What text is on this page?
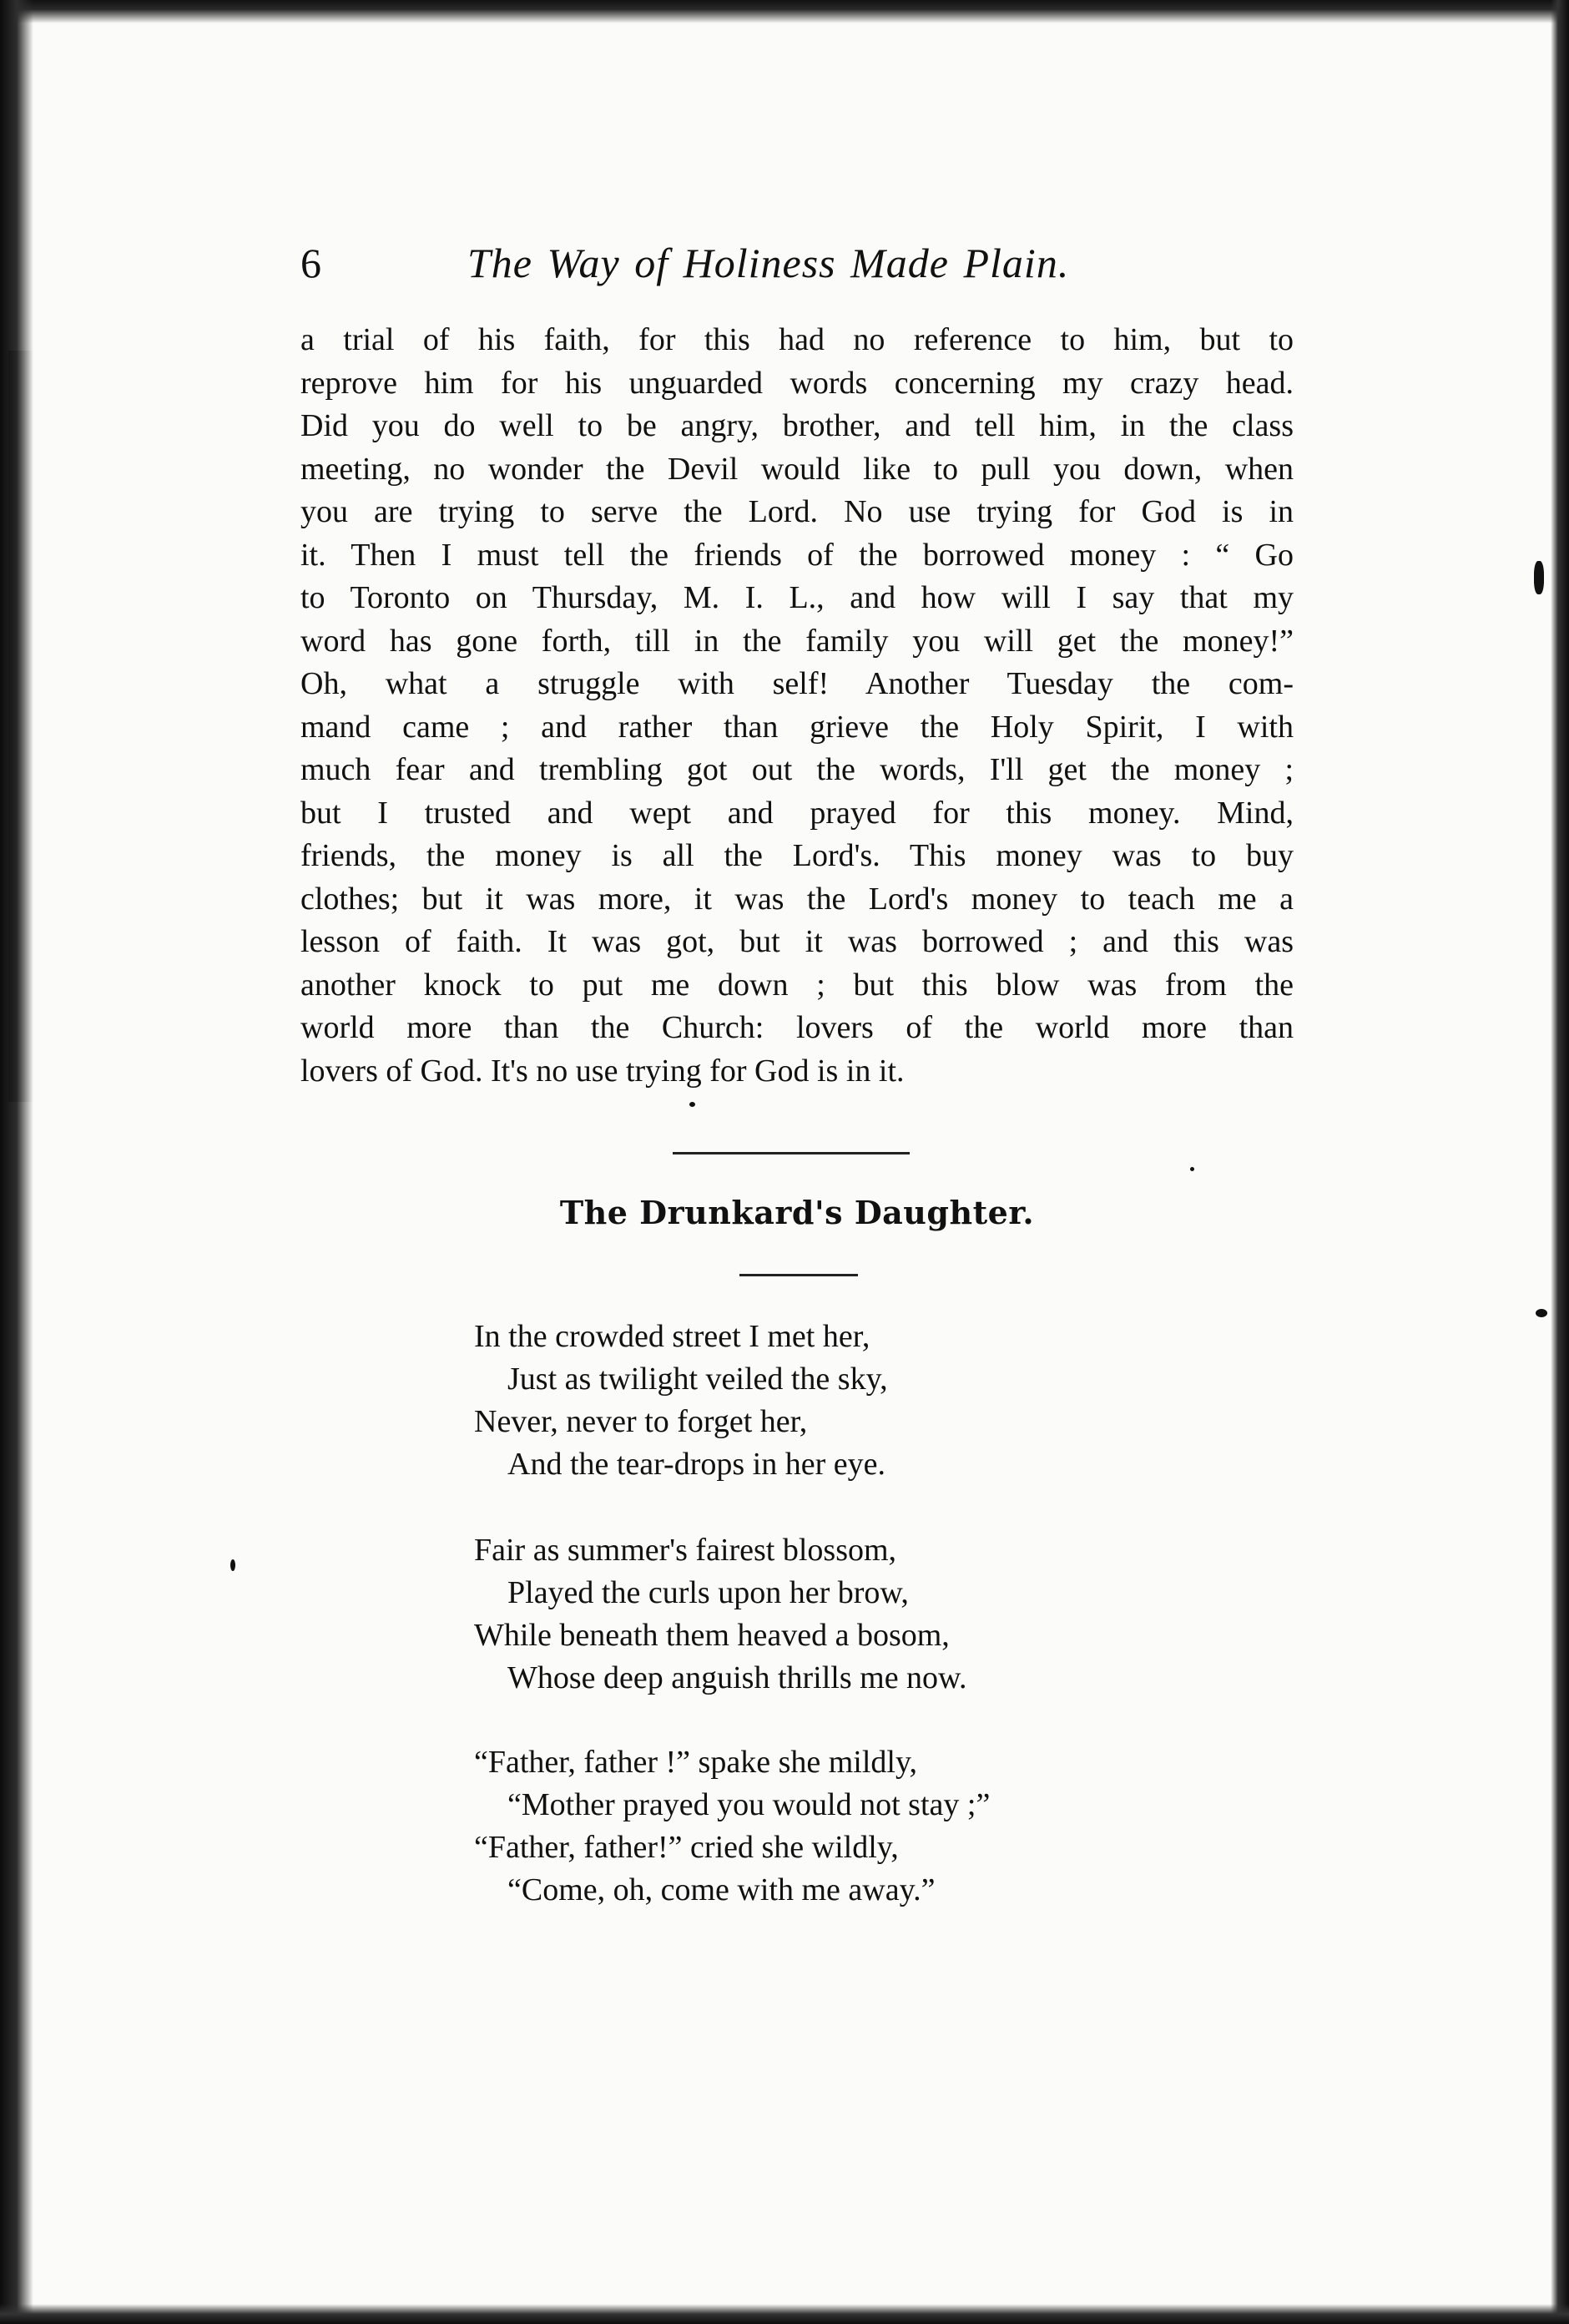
6	The Way of Holiness Made Plain.
a trial of his faith, for this had no reference to him, but to
reprove him for his unguarded words concerning my crazy head.
Did you do well to be angry, brother, and tell him, in the class
meeting, no wonder the Devil would like to pull you down, when
you are trying to serve the Lord. No use trying for God is in
it. Then I must tell the friends of the borrowed money : “ Go
to Toronto on Thursday, M. I. L., and how will I say that my
word has gone forth, till in the family you will get the money!”
Oh, what a struggle with self! Another Tuesday the com-
mand came ; and rather than grieve the Holy Spirit, I with
much fear and trembling got out the words, I'll get the money ;
but I trusted and wept and prayed for this money. Mind,
friends, the money is all the Lord's. This money was to buy
clothes; but it was more, it was the Lord's money to teach me a
lesson of faith. It was got, but it was borrowed ; and this was
another knock to put me down ; but this blow was from the
world more than the Church: lovers of the world more than
lovers of God. It's no use trying for God is in it.
The Drunkard's Daughter.
In the crowded street I met her,
Just as twilight veiled the sky,
Never, never to forget her,
And the tear-drops in her eye.
Fair as summer's fairest blossom,
Played the curls upon her brow,
While beneath them heaved a bosom,
Whose deep anguish thrills me now.
“Father, father !” spake she mildly,
“Mother prayed you would not stay ;”
“Father, father!” cried she wildly,
“Come, oh, come with me away.”
